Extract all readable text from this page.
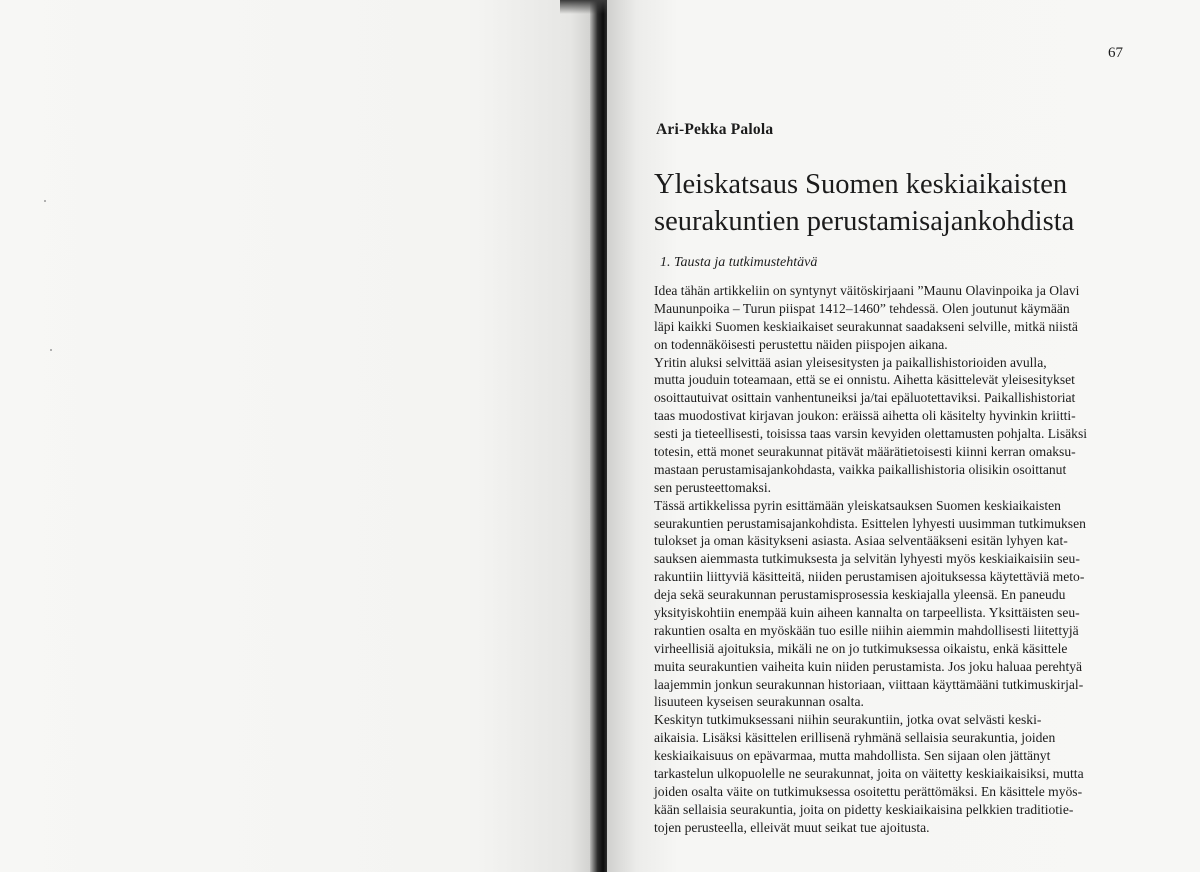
67
Ari-Pekka Palola
Yleiskatsaus Suomen keskiaikaisten
seurakuntien perustamisajankohdista
1. Tausta ja tutkimustehtävä
Idea tähän artikkeliin on syntynyt väitöskirjaani ”Maunu Olavinpoika ja Olavi
Maununpoika – Turun piispat 1412–1460” tehdessä. Olen joutunut käymään
läpi kaikki Suomen keskiaikaiset seurakunnat saadakseni selville, mitkä niistä
on todennäköisesti perustettu näiden piispojen aikana.
Yritin aluksi selvittää asian yleisesitysten ja paikallishistorioiden avulla,
mutta jouduin toteamaan, että se ei onnistu. Aihetta käsittelevät yleisesitykset
osoittautuivat osittain vanhentuneiksi ja/tai epäluotettaviksi. Paikallishistoriat
taas muodostivat kirjavan joukon: eräissä aihetta oli käsitelty hyvinkin kriitti-
sesti ja tieteellisesti, toisissa taas varsin kevyiden olettamusten pohjalta. Lisäksi
totesin, että monet seurakunnat pitävät määrätietoisesti kiinni kerran omaksu-
mastaan perustamisajankohdasta, vaikka paikallishistoria olisikin osoittanut
sen perusteettomaksi.
Tässä artikkelissa pyrin esittämään yleiskatsauksen Suomen keskiaikaisten
seurakuntien perustamisajankohdista. Esittelen lyhyesti uusimman tutkimuksen
tulokset ja oman käsitykseni asiasta. Asiaa selventääkseni esitän lyhyen kat-
sauksen aiemmasta tutkimuksesta ja selvitän lyhyesti myös keskiaikaisiin seu-
rakuntiin liittyviä käsitteitä, niiden perustamisen ajoituksessa käytettäviä meto-
deja sekä seurakunnan perustamisprosessia keskiajalla yleensä. En paneudu
yksityiskohtiin enempää kuin aiheen kannalta on tarpeellista. Yksittäisten seu-
rakuntien osalta en myöskään tuo esille niihin aiemmin mahdollisesti liitettyjä
virheellisiä ajoituksia, mikäli ne on jo tutkimuksessa oikaistu, enkä käsittele
muita seurakuntien vaiheita kuin niiden perustamista. Jos joku haluaa perehtyä
laajemmin jonkun seurakunnan historiaan, viittaan käyttämääni tutkimuskirjal-
lisuuteen kyseisen seurakunnan osalta.
Keskityn tutkimuksessani niihin seurakuntiin, jotka ovat selvästi keski-
aikaisia. Lisäksi käsittelen erillisenä ryhmänä sellaisia seurakuntia, joiden
keskiaikaisuus on epävarmaa, mutta mahdollista. Sen sijaan olen jättänyt
tarkastelun ulkopuolelle ne seurakunnat, joita on väitetty keskiaikaisiksi, mutta
joiden osalta väite on tutkimuksessa osoitettu perättömäksi. En käsittele myös-
kään sellaisia seurakuntia, joita on pidetty keskiaikaisina pelkkien traditiotie-
tojen perusteella, elleivät muut seikat tue ajoitusta.
